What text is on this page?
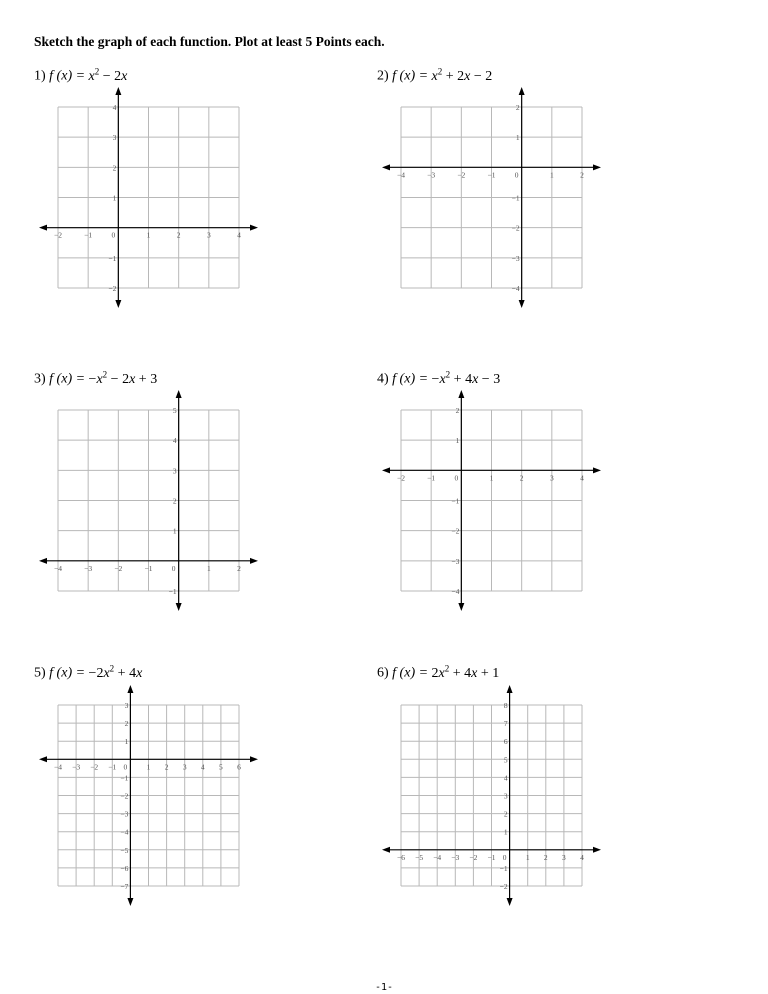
Sketch the graph of each function. Plot at least 5 Points each.
1) f $(x) = x^2 - 2x$	2) f $(x) = x^2 + 2x - 2$
3) f $(x) = -x^2 - 2x + 3$	4) f $(x) = -x^2 + 4x - 3$
5) f $(x) = -2x^2 + 4x$	6) f $(x) = 2x^2 + 4x + 1$
−2	−1	0	1	2	3	4
−2
−1
1
2
3
4
−4	−3	−2	−1	0	1	2
−4
−3
−2
−1
1
2
−4	−3	−2	−1	0	1	2
−1
1
2
3
4
5
−2	−1	0	1	2	3	4
−4
−3
−2
−1
1
2
−4 −3 −2 −1 0	1 2 3 4 5 6
−7
−6
−5
−4
−3
−2
−1
1
2
3
−6 −5 −4 −3 −2 −1 0	1 2 3 4
−2
−1
1
2
3
4
5
6
7
8
-1-
